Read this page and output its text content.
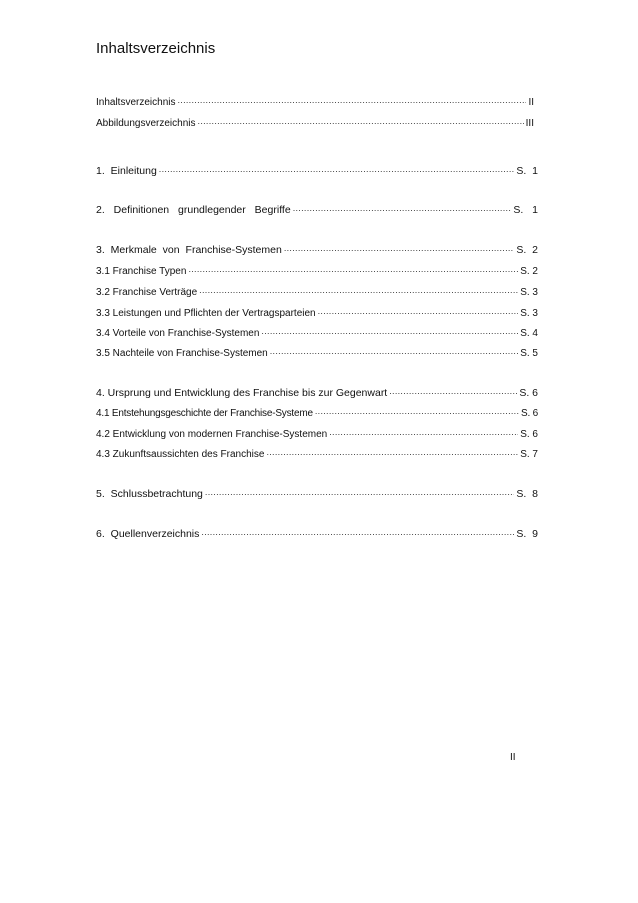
Inhaltsverzeichnis
Inhaltsverzeichnis .....	II
Abbildungsverzeichnis .....	III
1. Einleitung .....	S. 1
2. Definitionen grundlegender Begriffe .....	S. 1
3. Merkmale von Franchise-Systemen .....	S. 2
3.1 Franchise Typen .....	S. 2
3.2 Franchise Verträge .....	S. 3
3.3 Leistungen und Pflichten der Vertragsparteien .....	S. 3
3.4 Vorteile von Franchise-Systemen .....	S. 4
3.5 Nachteile von Franchise-Systemen .....	S. 5
4. Ursprung und Entwicklung des Franchise bis zur Gegenwart .....	S. 6
4.1 Entstehungsgeschichte der Franchise-Systeme .....	S. 6
4.2 Entwicklung von modernen Franchise-Systemen .....	S. 6
4.3 Zukunftsaussichten des Franchise .....	S. 7
5. Schlussbetrachtung .....	S. 8
6. Quellenverzeichnis .....	S. 9

II
